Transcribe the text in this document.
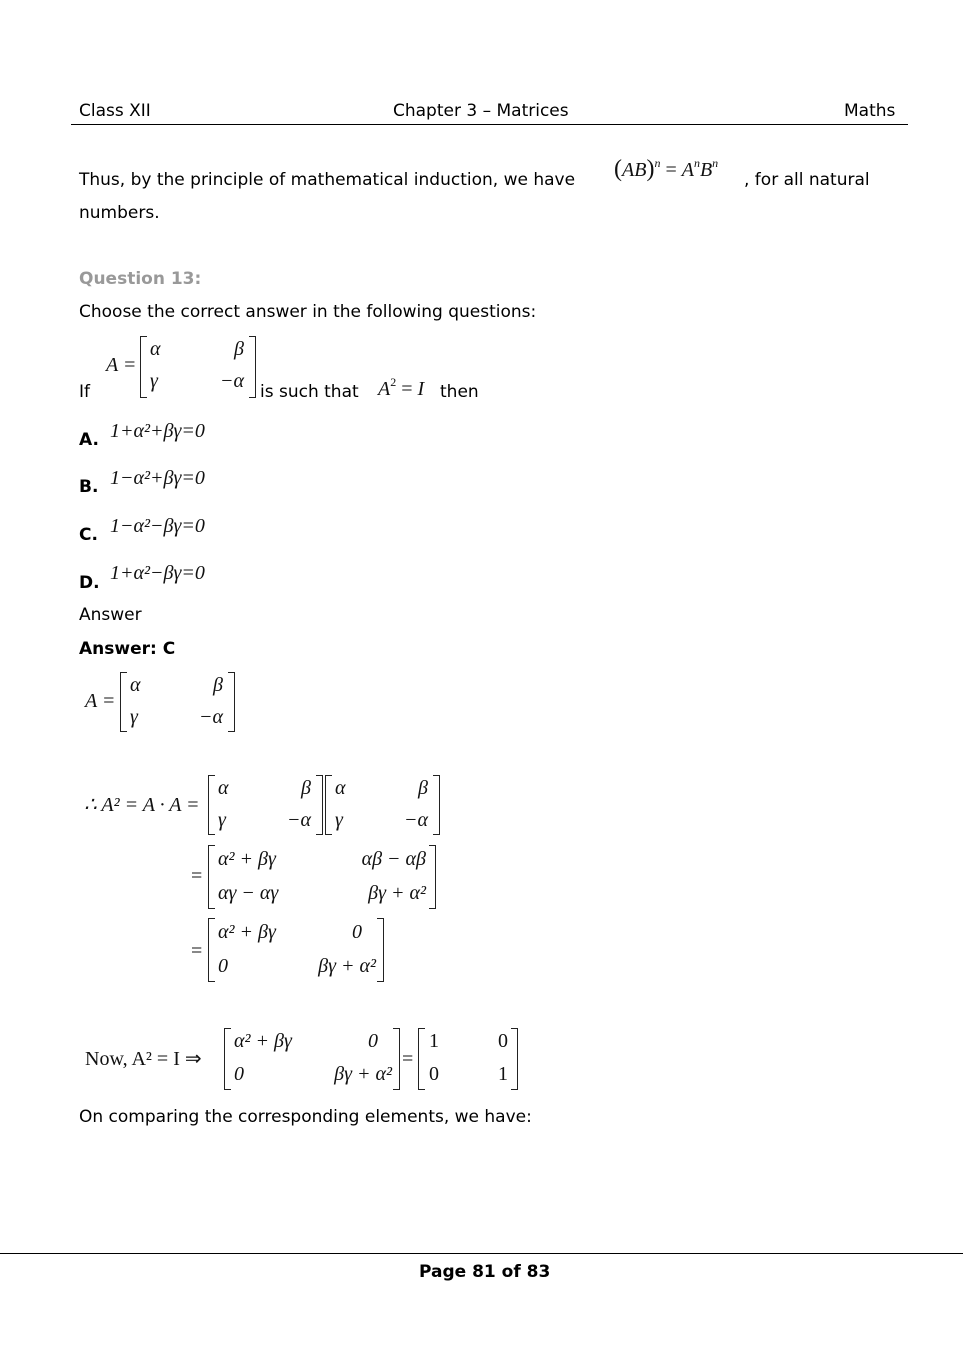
Class XII	Chapter 3 – Matrices	Maths
Thus, by the principle of mathematical induction, we have $(AB)^n = A^nB^n$
, for all natural
numbers.
Question 13:
Choose the correct answer in the following questions:
If
A =
α	β
γ	−α is such that $A^2 = I$ then
A. 1+α²+βγ=0
B. 1−α²+βγ=0
C. 1−α²−βγ=0
D. 1+α²−βγ=0
Answer
Answer: C
A =
α	β
γ	−α
∴ A² = A · A =
α	β
γ	−α
α	β
γ	−α
=
α² + βγ	αβ − αβ
αγ − αγ	βγ + α²
=
α² + βγ	0
0	βγ + α²
Now, A² = I ⇒
α² + βγ	0
0	βγ + α²
=
1	0
0	1
On comparing the corresponding elements, we have:
Page 81 of 83
